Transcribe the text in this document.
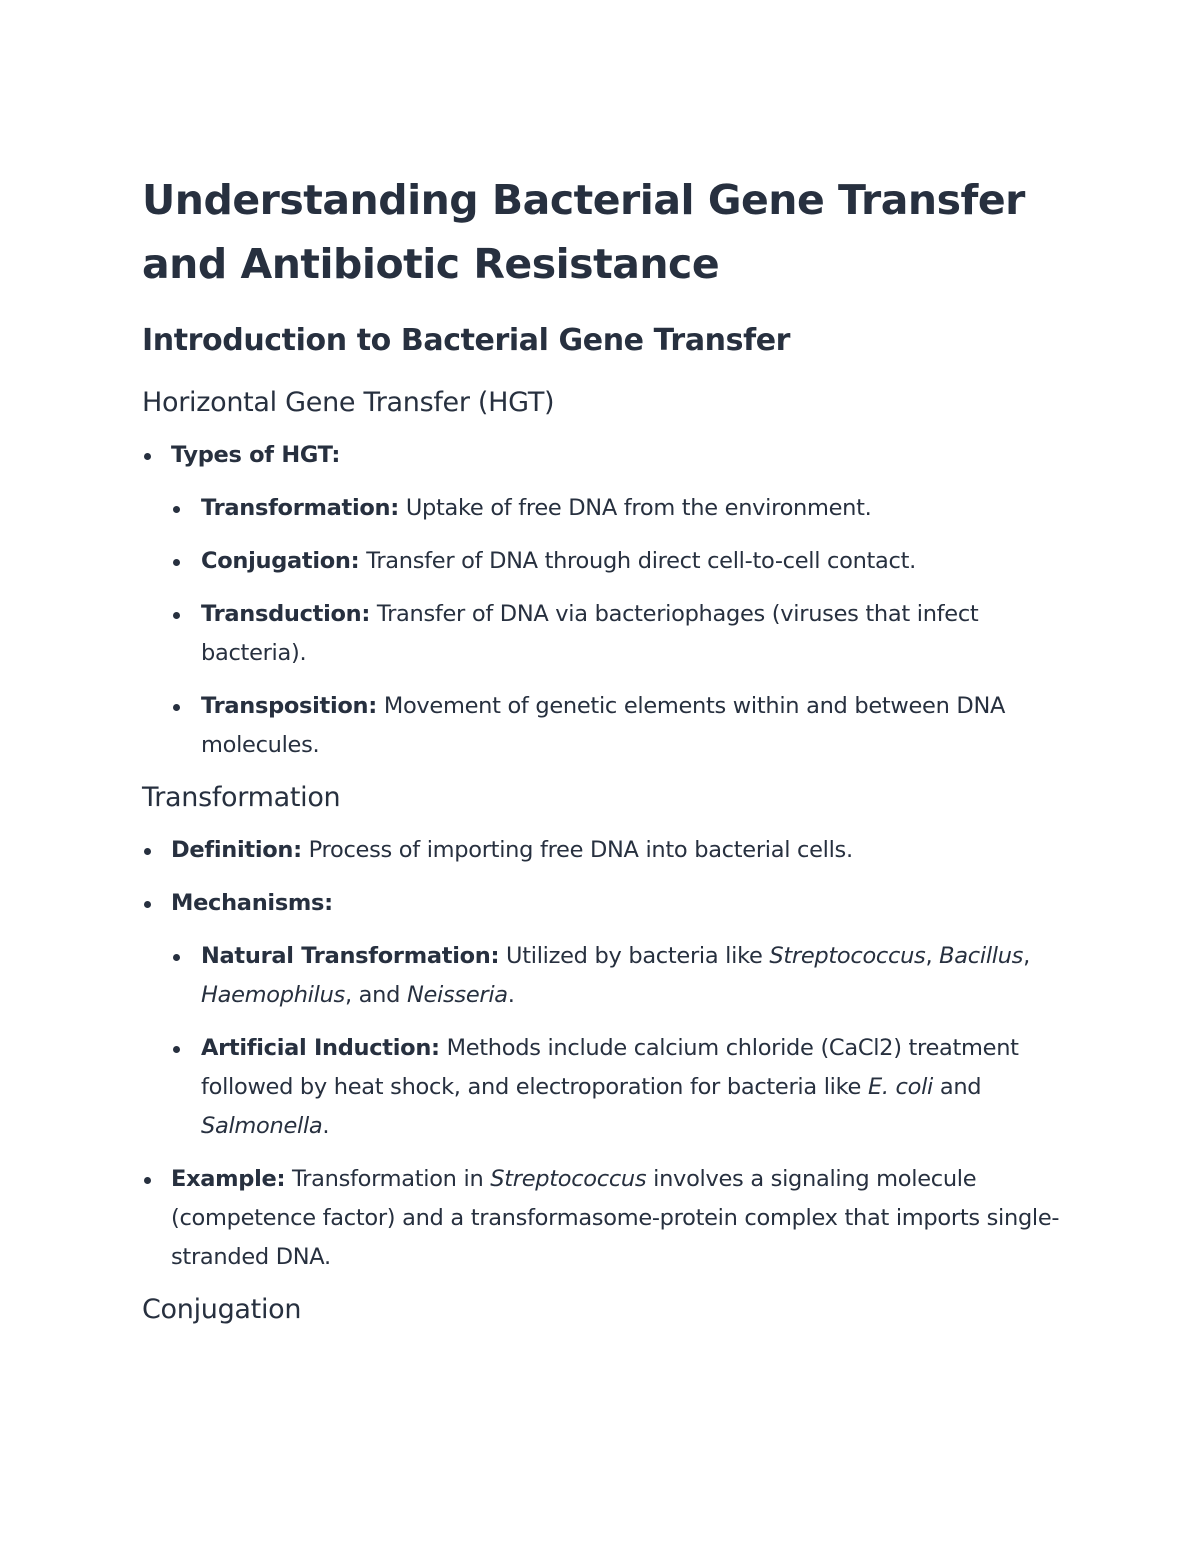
Understanding Bacterial Gene Transfer and Antibiotic Resistance
Introduction to Bacterial Gene Transfer
Horizontal Gene Transfer (HGT)
Types of HGT:
Transformation: Uptake of free DNA from the environment.
Conjugation: Transfer of DNA through direct cell-to-cell contact.
Transduction: Transfer of DNA via bacteriophages (viruses that infect bacteria).
Transposition: Movement of genetic elements within and between DNA molecules.
Transformation
Definition: Process of importing free DNA into bacterial cells.
Mechanisms:
Natural Transformation: Utilized by bacteria like Streptococcus, Bacillus, Haemophilus, and Neisseria.
Artificial Induction: Methods include calcium chloride (CaCl2) treatment followed by heat shock, and electroporation for bacteria like E. coli and Salmonella.
Example: Transformation in Streptococcus involves a signaling molecule (competence factor) and a transformasome-protein complex that imports single-stranded DNA.
Conjugation
